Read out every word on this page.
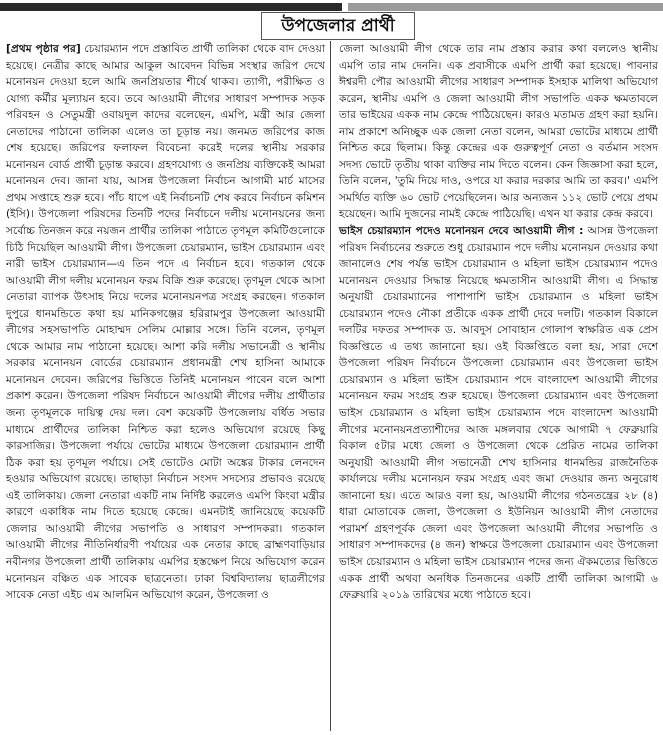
উপজেলার প্রার্থী

[প্রথম পৃষ্ঠার পর] চেয়ারম্যান পদে প্রস্তাবিত প্রার্থী তালিকা থেকে বাদ দেওয়া হয়েছে। নেত্রীর কাছে আমার আকুল আবেদন বিভিন্ন সংস্থার জরিপ দেখে মনোনয়ন দেওয়া হলে আমি জনপ্রিয়তার শীর্ষে থাকব। ত্যাগী, পরীক্ষিত ও যোগ্য কর্মীর মূল্যায়ন হবে। তবে আওয়ামী লীগের সাধারণ সম্পাদক সড়ক পরিবহন ও সেতুমন্ত্রী ওবায়দুল কাদের বলেছেন, এমপি, মন্ত্রী আর জেলা নেতাদের পাঠানো তালিকা এলেও তা চূড়ান্ত নয়। জনমত জরিপের কাজ শেষ হয়েছে। জরিপের ফলাফল বিবেচনা করেই দলের স্থানীয় সরকার মনোনয়ন বোর্ড প্রার্থী চূড়ান্ত করবে। গ্রহণযোগ্য ও জনপ্রিয় ব্যক্তিকেই আমরা মনোনয়ন দেব। জানা যায়, আসন্ন উপজেলা নির্বাচন আগামী মার্চ মাসের প্রথম সপ্তাহে শুরু হবে। পাঁচ ধাপে এই নির্বাচনটি শেষ করবে নির্বাচন কমিশন (ইসি)। উপজেলা পরিষদের তিনটি পদের নির্বাচনে দলীয় মনোনয়নের জন্য সর্বোচ্চ তিনজন করে নয়জন প্রার্থীর তালিকা পাঠাতে তৃণমূল কমিটিগুলোকে চিঠি দিয়েছিল আওয়ামী লীগ। উপজেলা চেয়ারম্যান, ভাইস চেয়ারম্যান এবং নারী ভাইস চেয়ারম্যান—এ তিন পদে এ নির্বাচন হবে। গতকাল থেকে আওয়ামী লীগ দলীয় মনোনয়ন ফরম বিক্রি শুরু করেছে। তৃণমূল থেকে আসা নেতারা ব্যাপক উৎসাহ নিয়ে দলের মনোনয়নপত্র সংগ্রহ করছেন। গতকাল দুপুরে ধানমন্ডিতে কথা হয় মানিকগঞ্জের হরিরামপুর উপজেলা আওয়ামী লীগের সহসভাপতি মোহাম্মদ সেলিম মোল্লার সঙ্গে। তিনি বলেন, তৃণমূল থেকে আমার নাম পাঠানো হয়েছে। আশা করি দলীয় সভানেত্রী ও স্থানীয় সরকার মনোনয়ন বোর্ডের চেয়ারম্যান প্রধানমন্ত্রী শেখ হাসিনা আমাকে মনোনয়ন দেবেন। জরিপের ভিত্তিতে তিনিই মনোনয়ন পাবেন বলে আশা প্রকাশ করেন। উপজেলা পরিষদ নির্বাচনে আওয়ামী লীগের দলীয় প্রার্থীতার জন্য তৃণমূলকে দায়িত্ব দেয় দল। বেশ কয়েকটি উপজেলায় বর্ধিত সভার মাধ্যমে প্রার্থীদের তালিকা নিশ্চিত করা হলেও অভিযোগ রয়েছে কিছু কারসাজির। উপজেলা পর্যায়ে ভোটের মাধ্যমে উপজেলা চেয়ারম্যান প্রার্থী ঠিক করা হয় তৃণমূল পর্যায়ে। সেই ভোটেও মোটা অঙ্কের টাকার লেনদেন হওয়ার অভিযোগ রয়েছে। তাছাড়া নির্বাচন সংসদ সদস্যের প্রভাবও রয়েছে এই তালিকায়। জেলা নেতারা একটি নাম নির্দিষ্ট করলেও এমপি কিংবা মন্ত্রীর কারণে একাধিক নাম দিতে হয়েছে কেন্দ্রে। এমনটাই জানিয়েছে কয়েকটি জেলার আওয়ামী লীগের সভাপতি ও সাধারণ সম্পাদকরা। গতকাল আওয়ামী লীগের নীতিনির্ধারণী পর্যায়ের এক নেতার কাছে ব্রাহ্মণবাড়িয়ার নবীনগর উপজেলা প্রার্থী তালিকায় এমপির হস্তক্ষেপ নিয়ে অভিযোগ করেন মনোনয়ন বঞ্চিত এক সাবেক ছাত্রনেতা। ঢাকা বিশ্ববিদ্যালয় ছাত্রলীগের সাবেক নেতা এইচ এম আলমিন অভিযোগ করেন, উপজেলা ও

জেলা আওয়ামী লীগ থেকে তার নাম প্রস্তাব করার কথা বললেও স্থানীয় এমপি তার নাম দেননি। এক প্রবাসীকে এমপি প্রার্থী করা হয়েছে। পাবনার ঈশ্বরদী পৌর আওয়ামী লীগের সাধারণ সম্পাদক ইসহাক মালিথা অভিযোগ করেন, স্থানীয় এমপি ও জেলা আওয়ামী লীগ সভাপতি একক ক্ষমতাবলে তার ভাইয়ের একক নাম কেন্দ্রে পাঠিয়েছেন। কারও মতামত গ্রহণ করা হয়নি। নাম প্রকাশে অনিচ্ছুক এক জেলা নেতা বলেন, আমরা ভোটের মাধ্যমে প্রার্থী নিশ্চিত করে ছিলাম। কিন্তু কেন্দ্রের এক গুরুত্বপূর্ণ নেতা ও বর্তমান সংসদ সদস্য ভোটে তৃতীয় থাকা ব্যক্তির নাম দিতে বলেন। কেন জিজ্ঞাসা করা হলে, তিনি বলেন, 'তুমি দিয়ে দাও, ওপরে যা করার দরকার আমি তা করব।' এমপি সমর্থিত ব্যক্তি ৬০ ভোট পেয়েছিলেন। আর অন্যজন ১১২ ভোট পেয়ে প্রথম হয়েছেন। আমি দুজনের নামই কেন্দ্রে পাঠিয়েছি। এখন যা করার কেন্দ্র করবে।

ভাইস চেয়ারম্যান পদেও মনোনয়ন দেবে আওয়ামী লীগ : আসন্ন উপজেলা পরিষদ নির্বাচনের শুরুতে শুধু চেয়ারম্যান পদে দলীয় মনোনয়ন দেওয়ার কথা জানালেও শেষ পর্যন্ত ভাইস চেয়ারম্যান ও মহিলা ভাইস চেয়ারম্যান পদেও মনোনয়ন দেওয়ার সিদ্ধান্ত নিয়েছে ক্ষমতাসীন আওয়ামী লীগ। এ সিদ্ধান্ত অনুযায়ী চেয়ারম্যানের পাশাপাশি ভাইস চেয়ারম্যান ও মহিলা ভাইস চেয়ারম্যান পদেও নৌকা প্রতীকে একক প্রার্থী দেবে দলটি। গতকাল বিকালে দলটির দফতর সম্পাদক ড. আবদুস সোবাহান গোলাপ স্বাক্ষরিত এক প্রেস বিজ্ঞপ্তিতে এ তথ্য জানানো হয়। ওই বিজ্ঞপ্তিতে বলা হয়, সারা দেশে উপজেলা পরিষদ নির্বাচনে উপজেলা চেয়ারম্যান এবং উপজেলা ভাইস চেয়ারম্যান ও মহিলা ভাইস চেয়ারম্যান পদে বাংলাদেশ আওয়ামী লীগের মনোনয়ন ফরম সংগ্রহ শুরু হয়েছে। উপজেলা চেয়ারম্যান এবং উপজেলা ভাইস চেয়ারম্যান ও মহিলা ভাইস চেয়ারম্যান পদে বাংলাদেশ আওয়ামী লীগের মনোনয়নপ্রত্যাশীদের আজ মঙ্গলবার থেকে আগামী ৭ ফেব্রুয়ারি বিকাল ৫টার মধ্যে জেলা ও উপজেলা থেকে প্রেরিত নামের তালিকা অনুযায়ী আওয়ামী লীগ সভানেত্রী শেখ হাসিনার ধানমন্ডির রাজনৈতিক কার্যালয়ে দলীয় মনোনয়ন ফরম সংগ্রহ এবং জমা দেওয়ার জন্য অনুরোধ জানানো হয়। এতে আরও বলা হয়, আওয়ামী লীগের গঠনতন্ত্রের ২৮ (৪) ধারা মোতাবেক জেলা, উপজেলা ও ইউনিয়ন আওয়ামী লীগ নেতাদের পরামর্শ গ্রহণপূর্বক জেলা এবং উপজেলা আওয়ামী লীগের সভাপতি ও সাধারণ সম্পাদকদের (৪ জন) স্বাক্ষরে উপজেলা চেয়ারম্যান এবং উপজেলা ভাইস চেয়ারম্যান ও মহিলা ভাইস চেয়ারম্যান পদের জন্য ঐকমত্যের ভিত্তিতে একক প্রার্থী অথবা অনধিক তিনজনের একটি প্রার্থী তালিকা আগামী ৬ ফেব্রুয়ারি ২০১৯ তারিখের মধ্যে পাঠাতে হবে।
